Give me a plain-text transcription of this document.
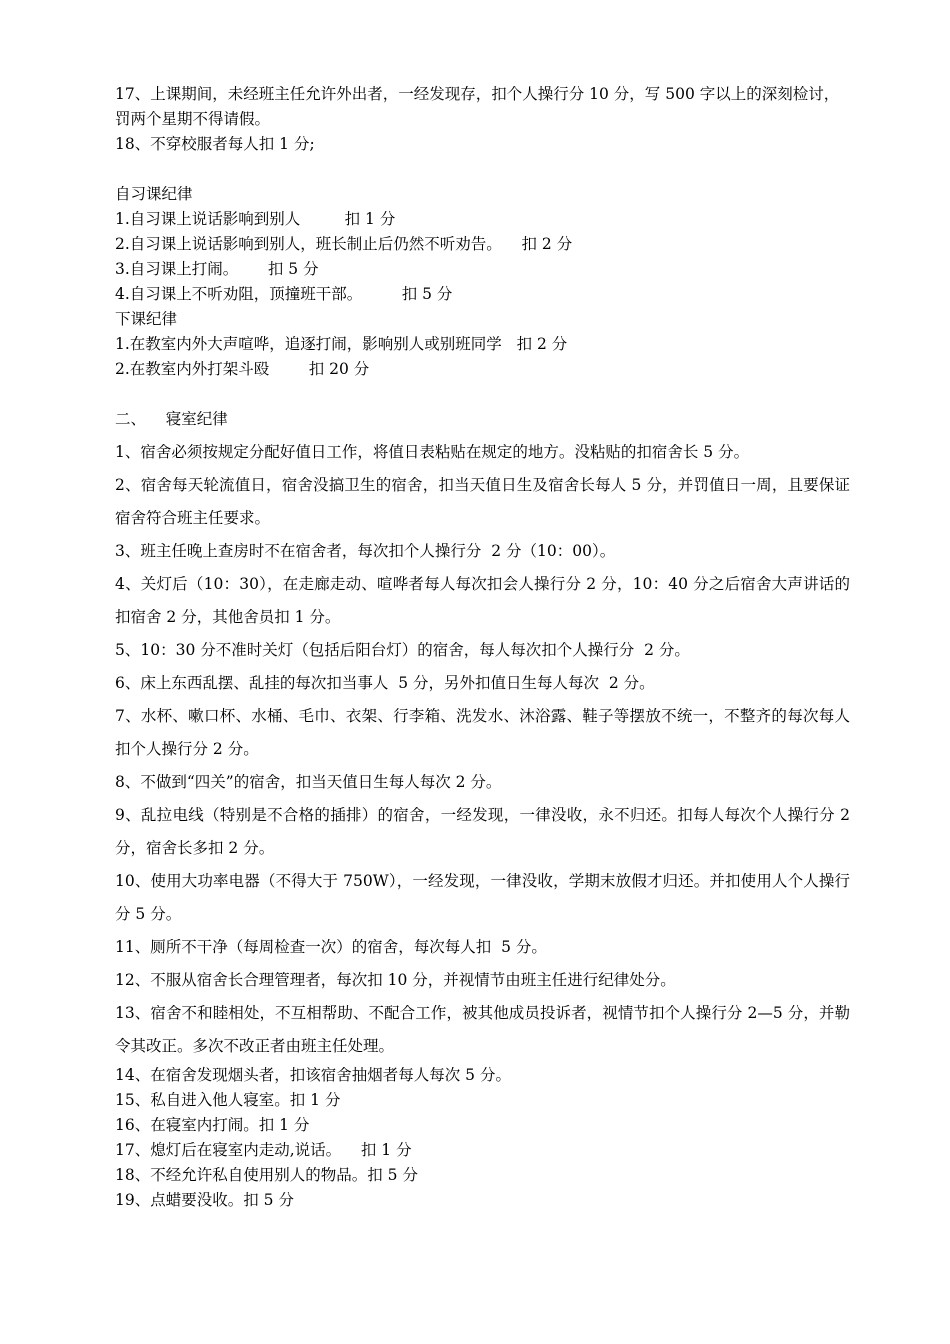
17、上课期间，未经班主任允许外出者，一经发现存，扣个人操行分 10 分，写 500 字以上的深刻检讨，罚两个星期不得请假。

18、不穿校服者每人扣 1 分;

自习课纪律

1.自习课上说话影响到别人         扣 1 分

2.自习课上说话影响到别人，班长制止后仍然不听劝告。    扣 2 分

3.自习课上打闹。      扣 5 分

4.自习课上不听劝阻，顶撞班干部。        扣 5 分

下课纪律

1.在教室内外大声喧哗，追逐打闹，影响别人或别班同学   扣 2 分

2.在教室内外打架斗殴        扣 20 分

二、    寝室纪律

1、宿舍必须按规定分配好值日工作，将值日表粘贴在规定的地方。没粘贴的扣宿舍长 5 分。

2、宿舍每天轮流值日，宿舍没搞卫生的宿舍，扣当天值日生及宿舍长每人 5 分，并罚值日一周，且要保证宿舍符合班主任要求。

3、班主任晚上查房时不在宿舍者，每次扣个人操行分  2 分（10：00）。

4、关灯后（10：30），在走廊走动、喧哗者每人每次扣会人操行分 2 分，10：40 分之后宿舍大声讲话的扣宿舍 2 分，其他舍员扣 1 分。

5、10：30 分不准时关灯（包括后阳台灯）的宿舍，每人每次扣个人操行分  2 分。

6、床上东西乱摆、乱挂的每次扣当事人  5 分，另外扣值日生每人每次  2 分。

7、水杯、嗽口杯、水桶、毛巾、衣架、行李箱、洗发水、沐浴露、鞋子等摆放不统一，不整齐的每次每人扣个人操行分 2 分。

8、不做到“四关”的宿舍，扣当天值日生每人每次 2 分。

9、乱拉电线（特别是不合格的插排）的宿舍，一经发现，一律没收，永不归还。扣每人每次个人操行分 2 分，宿舍长多扣 2 分。

10、使用大功率电器（不得大于 750W），一经发现，一律没收，学期末放假才归还。并扣使用人个人操行分 5 分。

11、厕所不干净（每周检查一次）的宿舍，每次每人扣  5 分。

12、不服从宿舍长合理管理者，每次扣 10 分，并视情节由班主任进行纪律处分。

13、宿舍不和睦相处，不互相帮助、不配合工作，被其他成员投诉者，视情节扣个人操行分 2—5 分，并勒令其改正。多次不改正者由班主任处理。

14、在宿舍发现烟头者，扣该宿舍抽烟者每人每次 5 分。

15、私自进入他人寝室。扣 1 分

16、在寝室内打闹。扣 1 分

17、熄灯后在寝室内走动,说话。    扣 1 分

18、不经允许私自使用别人的物品。扣 5 分

19、点蜡要没收。扣 5 分
